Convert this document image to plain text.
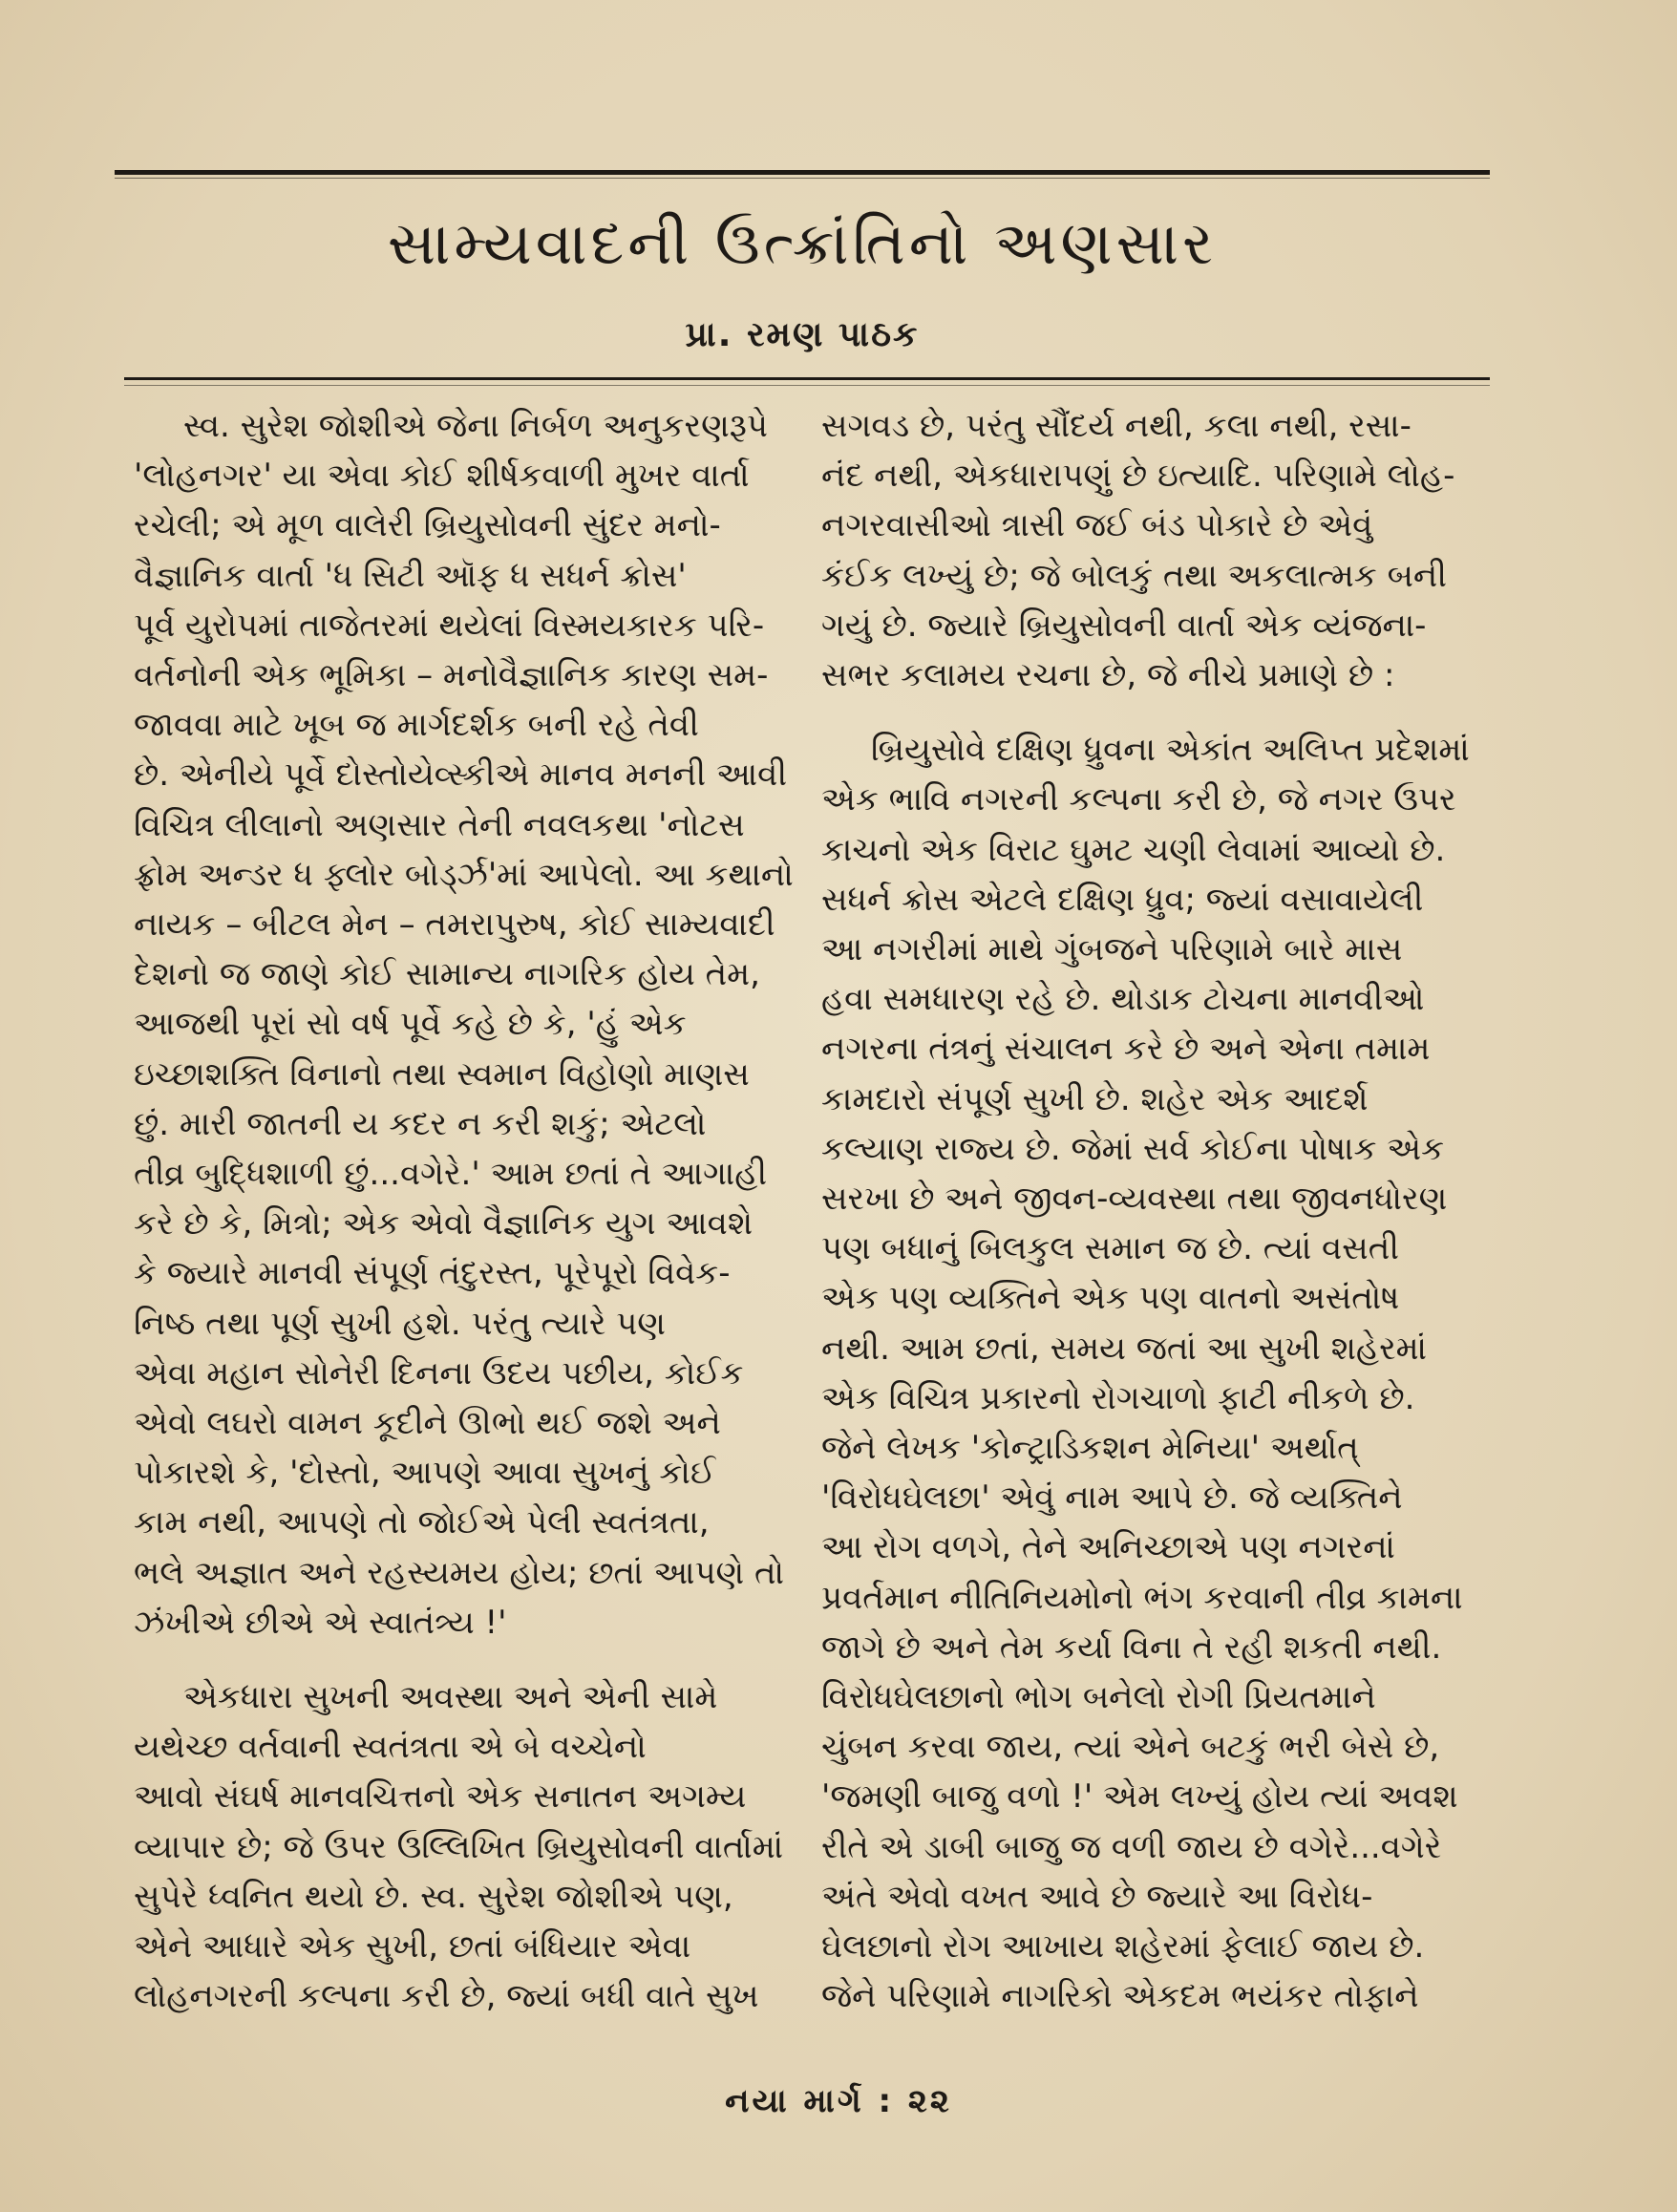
સામ્યવાદની ઉત્ક્રાંતિનો અણસાર
પ્રા. રમણ પાઠક
સ્વ. સુરેશ જોશીએ જેના નિર્બળ અનુકરણરૂપે
'લોહનગર' યા એવા કોઈ શીર્ષકવાળી મુખર વાર્તા
રચેલી; એ મૂળ વાલેરી બ્રિયુસોવની સુંદર મનો-
વૈજ્ઞાનિક વાર્તા 'ધ સિટી ઑફ ધ સધર્ન ક્રોસ'
પૂર્વ યુરોપમાં તાજેતરમાં થયેલાં વિસ્મયકારક પરિ-
વર્તનોની એક ભૂમિકા – મનોવૈજ્ઞાનિક કારણ સમ-
જાવવા માટે ખૂબ જ માર્ગદર્શક બની રહે તેવી
છે. એનીયે પૂર્વે દોસ્તોયેવ્સ્કીએ માનવ મનની આવી
વિચિત્ર લીલાનો અણસાર તેની નવલકથા 'નોટસ
ફ્રોમ અન્ડર ધ ફ્લોર બોર્ડ્ઝ'માં આપેલો. આ કથાનો
નાયક – બીટલ મેન – તમરાપુરુષ, કોઈ સામ્યવાદી
દેશનો જ જાણે કોઈ સામાન્ય નાગરિક હોય તેમ,
આજથી પૂરાં સો વર્ષ પૂર્વે કહે છે કે, 'હું એક
ઇચ્છાશક્તિ વિનાનો તથા સ્વમાન વિહોણો માણસ
છું. મારી જાતની ય કદર ન કરી શકું; એટલો
તીવ્ર બુદ્ધિશાળી છું...વગેરે.' આમ છતાં તે આગાહી
કરે છે કે, મિત્રો; એક એવો વૈજ્ઞાનિક યુગ આવશે
કે જ્યારે માનવી સંપૂર્ણ તંદુરસ્ત, પૂરેપૂરો વિવેક-
નિષ્ઠ તથા પૂર્ણ સુખી હશે. પરંતુ ત્યારે પણ
એવા મહાન સોનેરી દિનના ઉદય પછીય, કોઈક
એવો લઘરો વામન કૂદીને ઊભો થઈ જશે અને
પોકારશે કે, 'દોસ્તો, આપણે આવા સુખનું કોઈ
કામ નથી, આપણે તો જોઈએ પેલી સ્વતંત્રતા,
ભલે અજ્ઞાત અને રહસ્યમય હોય; છતાં આપણે તો
ઝંખીએ છીએ એ સ્વાતંત્ર્ય !'
એકધારા સુખની અવસ્થા અને એની સામે
યથેચ્છ વર્તવાની સ્વતંત્રતા એ બે વચ્ચેનો
આવો સંઘર્ષ માનવચિત્તનો એક સનાતન અગમ્ય
વ્યાપાર છે; જે ઉપર ઉલ્લિખિત બ્રિયુસોવની વાર્તામાં
સુપેરે ધ્વનિત થયો છે. સ્વ. સુરેશ જોશીએ પણ,
એને આધારે એક સુખી, છતાં બંધિયાર એવા
લોહનગરની કલ્પના કરી છે, જ્યાં બધી વાતે સુખ
સગવડ છે, પરંતુ સૌંદર્ય નથી, કલા નથી, રસા-
નંદ નથી, એકધારાપણું છે ઇત્યાદિ. પરિણામે લોહ-
નગરવાસીઓ ત્રાસી જઈ બંડ પોકારે છે એવું
કંઈક લખ્યું છે; જે બોલકું તથા અકલાત્મક બની
ગયું છે. જ્યારે બ્રિયુસોવની વાર્તા એક વ્યંજના-
સભર કલામય રચના છે, જે નીચે પ્રમાણે છે :
બ્રિયુસોવે દક્ષિણ ધ્રુવના એકાંત અલિપ્ત પ્રદેશમાં
એક ભાવિ નગરની કલ્પના કરી છે, જે નગર ઉપર
કાચનો એક વિરાટ ઘુમટ ચણી લેવામાં આવ્યો છે.
સધર્ન ક્રોસ એટલે દક્ષિણ ધ્રુવ; જ્યાં વસાવાયેલી
આ નગરીમાં માથે ગુંબજને પરિણામે બારે માસ
હવા સમધારણ રહે છે. થોડાક ટોચના માનવીઓ
નગરના તંત્રનું સંચાલન કરે છે અને એના તમામ
કામદારો સંપૂર્ણ સુખી છે. શહેર એક આદર્શ
કલ્યાણ રાજ્ય છે. જેમાં સર્વ કોઈના પોષાક એક
સરખા છે અને જીવન-વ્યવસ્થા તથા જીવનધોરણ
પણ બધાનું બિલકુલ સમાન જ છે. ત્યાં વસતી
એક પણ વ્યક્તિને એક પણ વાતનો અસંતોષ
નથી. આમ છતાં, સમય જતાં આ સુખી શહેરમાં
એક વિચિત્ર પ્રકારનો રોગચાળો ફાટી નીકળે છે.
જેને લેખક 'કોન્ટ્રાડિકશન મેનિયા' અર્થાત્
'વિરોધઘેલછા' એવું નામ આપે છે. જે વ્યક્તિને
આ રોગ વળગે, તેને અનિચ્છાએ પણ નગરનાં
પ્રવર્તમાન નીતિનિયમોનો ભંગ કરવાની તીવ્ર કામના
જાગે છે અને તેમ કર્યા વિના તે રહી શકતી નથી.
વિરોધઘેલછાનો ભોગ બનેલો રોગી પ્રિયતમાને
ચુંબન કરવા જાય, ત્યાં એને બટકું ભરી બેસે છે,
'જમણી બાજુ વળો !' એમ લખ્યું હોય ત્યાં અવશ
રીતે એ ડાબી બાજુ જ વળી જાય છે વગેરે...વગેરે
અંતે એવો વખત આવે છે જ્યારે આ વિરોધ-
ઘેલછાનો રોગ આખાય શહેરમાં ફેલાઈ જાય છે.
જેને પરિણામે નાગરિકો એકદમ ભયંકર તોફાને
નયા માર્ગ : ૨૨
